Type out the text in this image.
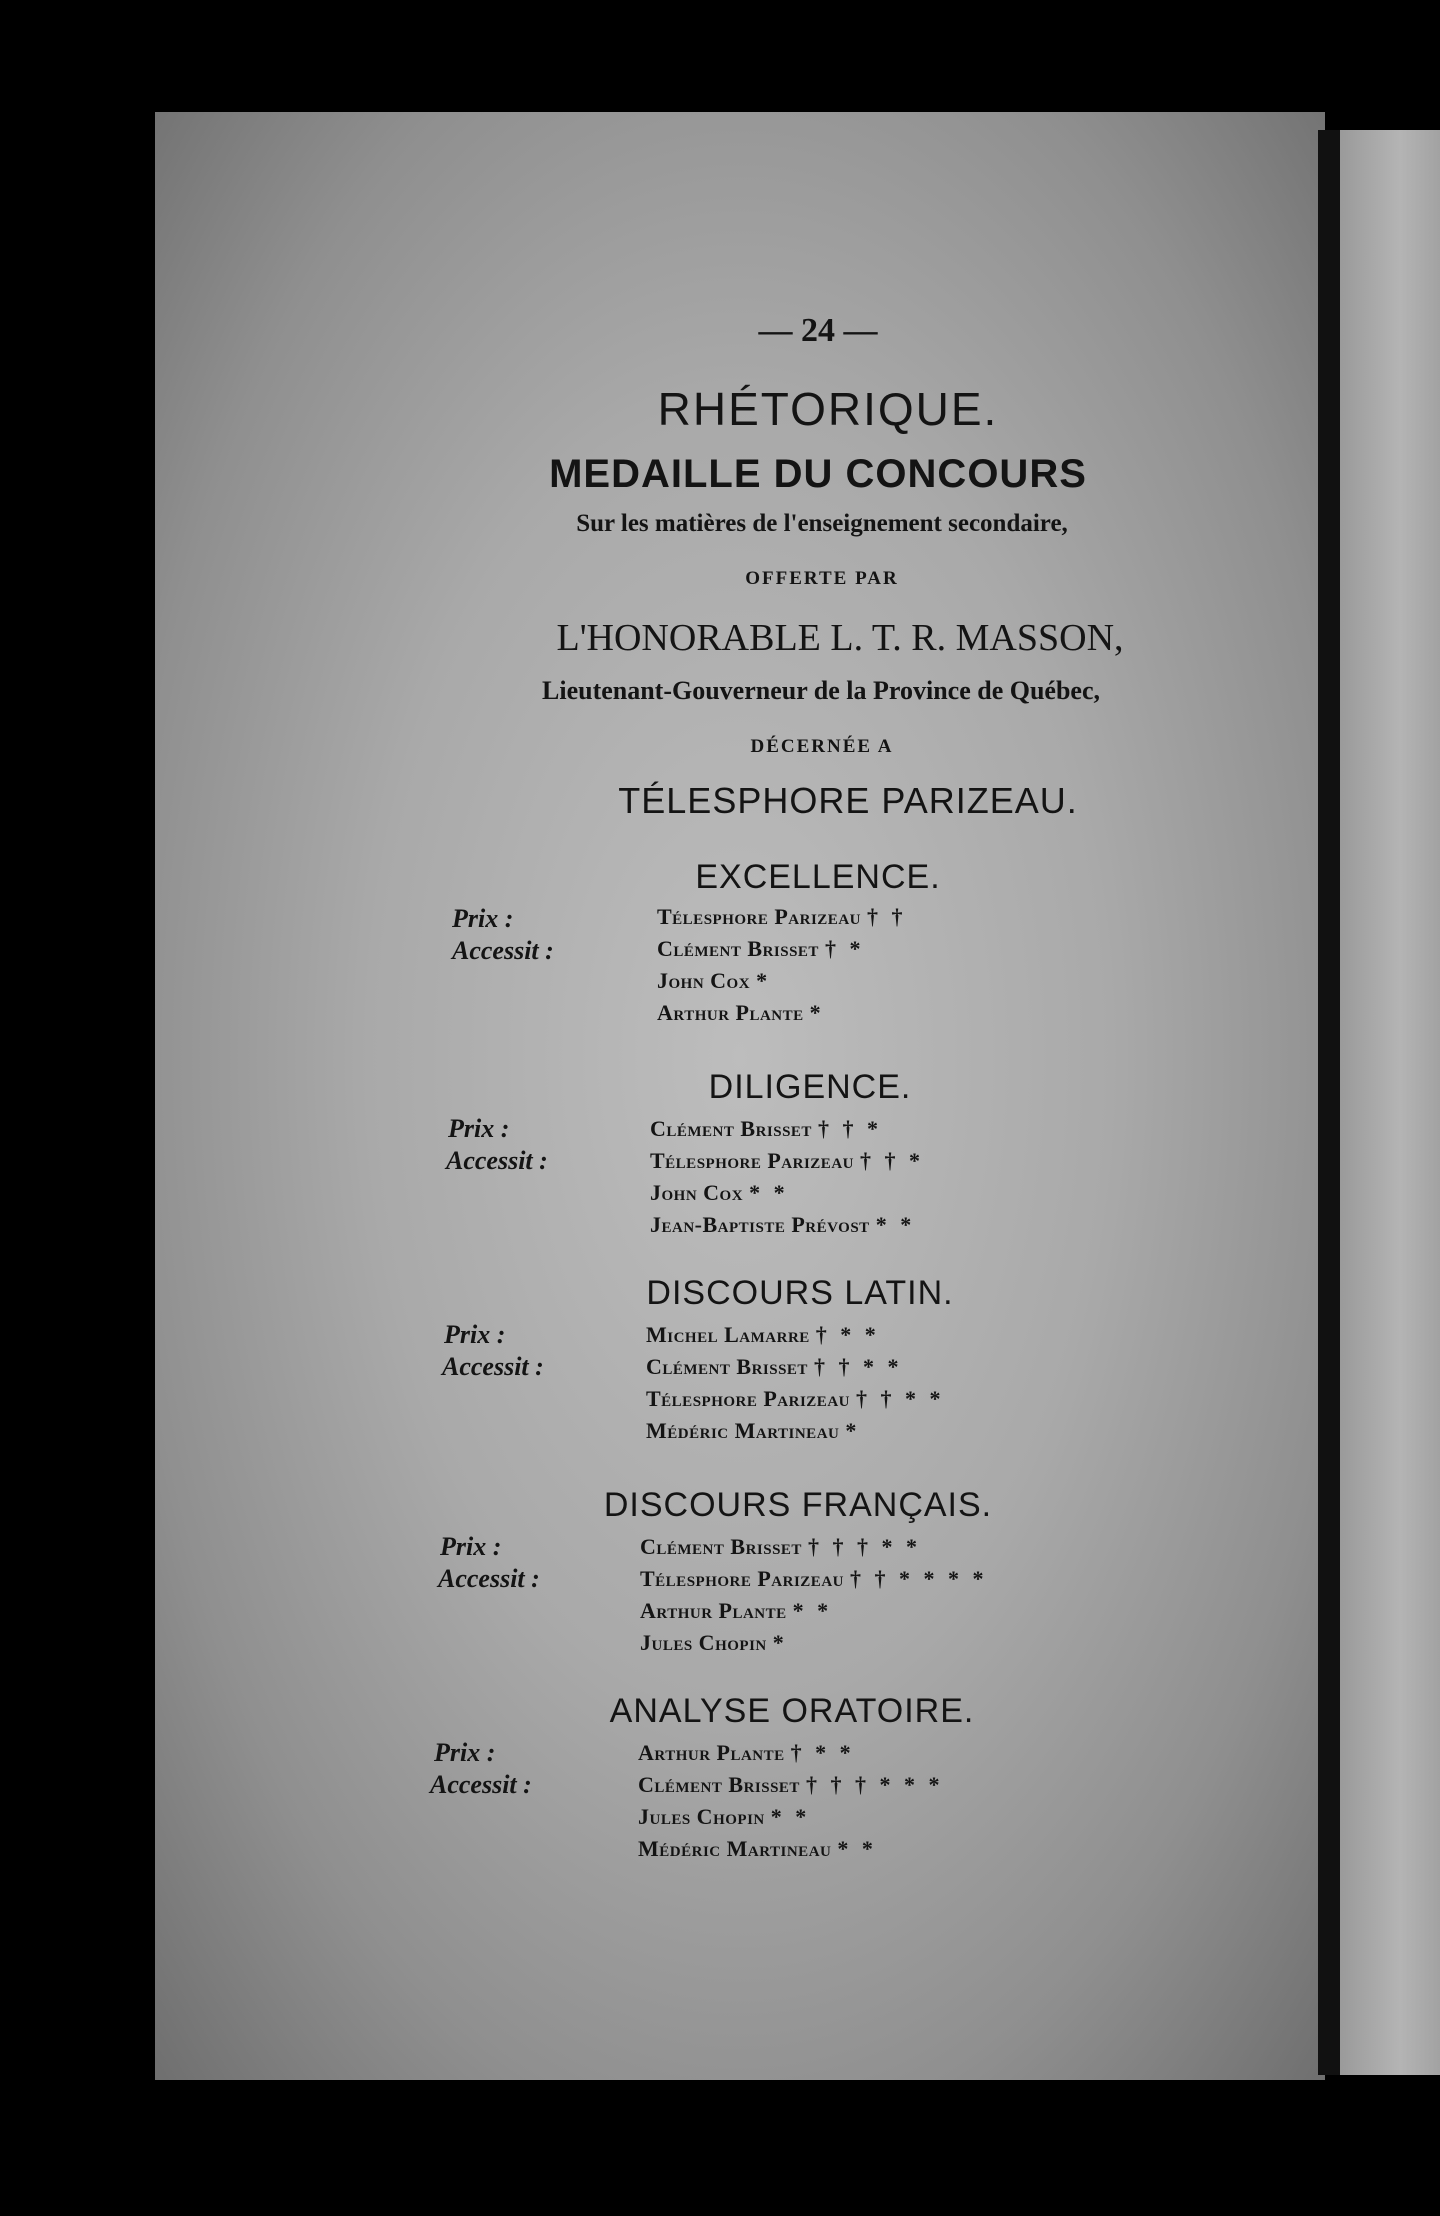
— 24 —
RHÉTORIQUE.
MEDAILLE DU CONCOURS
Sur les matières de l'enseignement secondaire,
OFFERTE PAR
L'HONORABLE L. T. R. MASSON,
Lieutenant-Gouverneur de la Province de Québec,
DÉCERNÉE A
TÉLESPHORE PARIZEAU.
EXCELLENCE.
Prix :
Accessit :
Télesphore Parizeau † †
Clément Brisset † *
John Cox *
Arthur Plante *
DILIGENCE.
Prix :
Accessit :
Clément Brisset † † *
Télesphore Parizeau † † *
John Cox * *
Jean-Baptiste Prévost * *
DISCOURS LATIN.
Prix :
Accessit :
Michel Lamarre † * *
Clément Brisset † † * *
Télesphore Parizeau † † * *
Médéric Martineau *
DISCOURS FRANÇAIS.
Prix :
Accessit :
Clément Brisset † † † * *
Télesphore Parizeau † † * * * *
Arthur Plante * *
Jules Chopin *
ANALYSE ORATOIRE.
Prix :
Accessit :
Arthur Plante † * *
Clément Brisset † † † * * *
Jules Chopin * *
Médéric Martineau * *
